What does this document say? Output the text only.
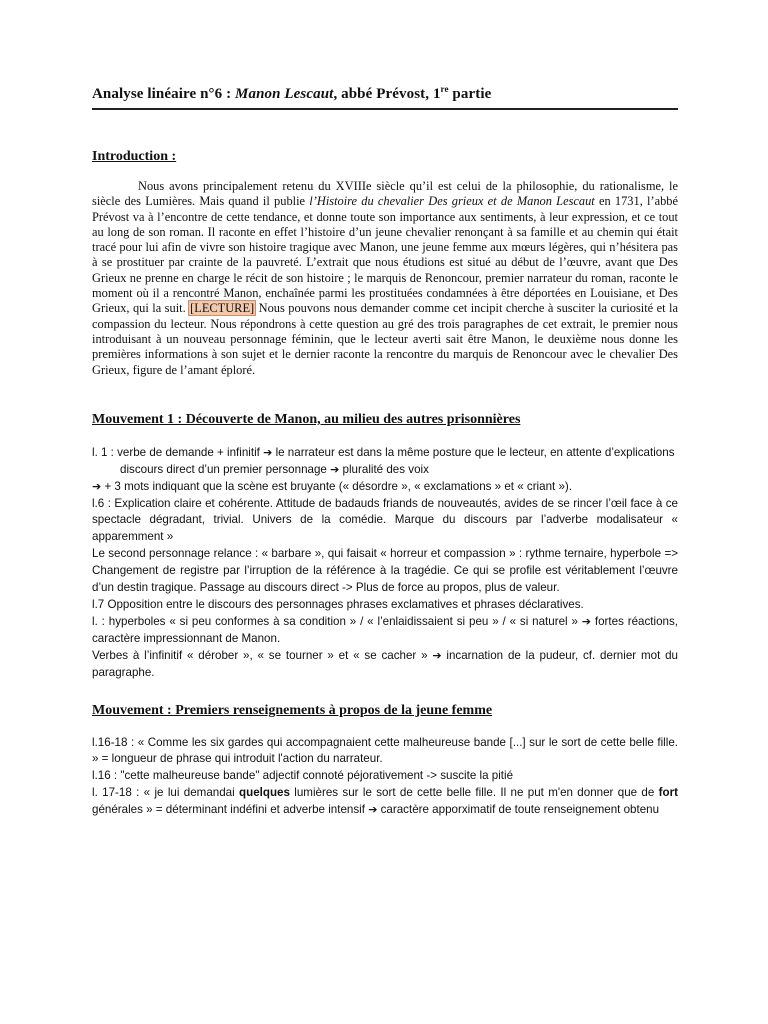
Analyse linéaire n°6 : Manon Lescaut, abbé Prévost, 1re partie
Introduction :

Nous avons principalement retenu du XVIIIe siècle qu’il est celui de la philosophie, du rationalisme, le siècle des Lumières. Mais quand il publie l’Histoire du chevalier Des grieux et de Manon Lescaut en 1731, l’abbé Prévost va à l’encontre de cette tendance, et donne toute son importance aux sentiments, à leur expression, et ce tout au long de son roman. Il raconte en effet l’histoire d’un jeune chevalier renonçant à sa famille et au chemin qui était tracé pour lui afin de vivre son histoire tragique avec Manon, une jeune femme aux mœurs légères, qui n’hésitera pas à se prostituer par crainte de la pauvreté. L’extrait que nous étudions est situé au début de l’œuvre, avant que Des Grieux ne prenne en charge le récit de son histoire ; le marquis de Renoncour, premier narrateur du roman, raconte le moment où il a rencontré Manon, enchaînée parmi les prostituées condamnées à être déportées en Louisiane, et Des Grieux, qui la suit. [LECTURE] Nous pouvons nous demander comme cet incipit cherche à susciter la curiosité et la compassion du lecteur. Nous répondrons à cette question au gré des trois paragraphes de cet extrait, le premier nous introduisant à un nouveau personnage féminin, que le lecteur averti sait être Manon, le deuxième nous donne les premières informations à son sujet et le dernier raconte la rencontre du marquis de Renoncour avec le chevalier Des Grieux, figure de l’amant éploré.

Mouvement 1 : Découverte de Manon, au milieu des autres prisonnières
l. 1 : verbe de demande + infinitif ➔ le narrateur est dans la même posture que le lecteur, en attente d’explications
discours direct d’un premier personnage ➔ pluralité des voix
➔ + 3 mots indiquant que la scène est bruyante (« désordre », « exclamations » et « criant »).
l.6 : Explication claire et cohérente. Attitude de badauds friands de nouveautés, avides de se rincer l’œil face à ce spectacle dégradant, trivial. Univers de la comédie. Marque du discours par l’adverbe modalisateur « apparemment »
Le second personnage relance : « barbare », qui faisait « horreur et compassion » : rythme ternaire, hyperbole => Changement de registre par l’irruption de la référence à la tragédie. Ce qui se profile est véritablement l’œuvre d’un destin tragique. Passage au discours direct -> Plus de force au propos, plus de valeur.
l.7 Opposition entre le discours des personnages phrases exclamatives et phrases déclaratives.
l. : hyperboles « si peu conformes à sa condition » / « l’enlaidissaient si peu » / « si naturel » ➔ fortes réactions, caractère impressionnant de Manon.
Verbes à l’infinitif « dérober », « se tourner » et « se cacher » ➔ incarnation de la pudeur, cf. dernier mot du paragraphe.
Mouvement : Premiers renseignements à propos de la jeune femme
l.16-18 : « Comme les six gardes qui accompagnaient cette malheureuse bande [...] sur le sort de cette belle fille. » = longueur de phrase qui introduit l'action du narrateur.
l.16 : "cette malheureuse bande" adjectif connoté péjorativement -> suscite la pitié
l. 17-18 : « je lui demandai quelques lumières sur le sort de cette belle fille. Il ne put m'en donner que de fort générales » = déterminant indéfini et adverbe intensif ➔ caractère apporximatif de toute renseignement obtenu
